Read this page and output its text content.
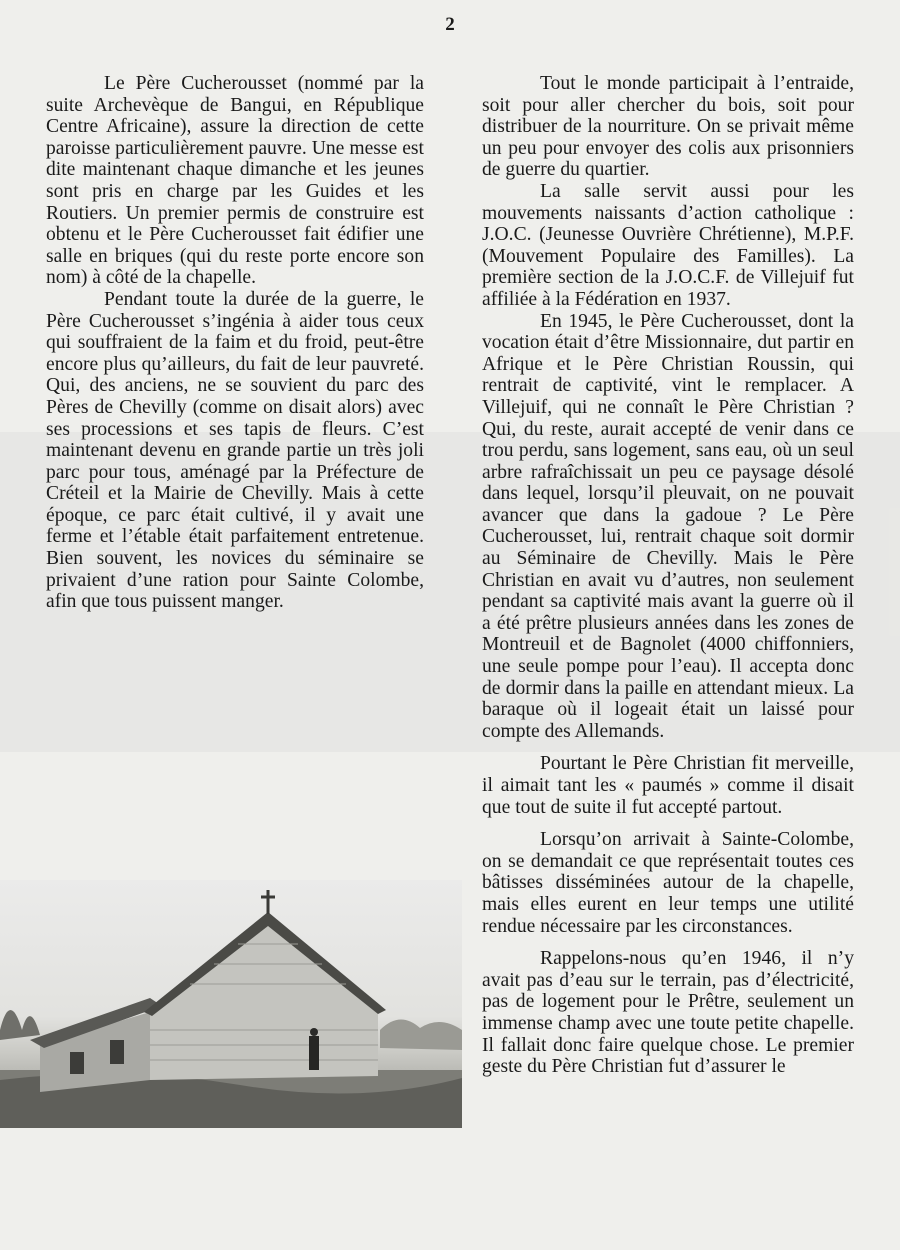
2

Le Père Cucherousset (nommé par la suite Archevèque de Bangui, en République Centre Africaine), assure la direction de cette paroisse particulièrement pauvre. Une messe est dite maintenant chaque dimanche et les jeunes sont pris en charge par les Guides et les Routiers. Un premier permis de construire est obtenu et le Père Cucherousset fait édifier une salle en briques (qui du reste porte encore son nom) à côté de la chapelle.

Pendant toute la durée de la guerre, le Père Cucherousset s’ingénia à aider tous ceux qui souffraient de la faim et du froid, peut-être encore plus qu’ailleurs, du fait de leur pauvreté. Qui, des anciens, ne se souvient du parc des Pères de Chevilly (comme on disait alors) avec ses processions et ses tapis de fleurs. C’est maintenant devenu en grande partie un très joli parc pour tous, aménagé par la Préfecture de Créteil et la Mairie de Chevilly. Mais à cette époque, ce parc était cultivé, il y avait une ferme et l’étable était parfaitement entretenue. Bien souvent, les novices du séminaire se privaient d’une ration pour Sainte Colombe, afin que tous puissent manger.

Tout le monde participait à l’entraide, soit pour aller chercher du bois, soit pour distribuer de la nourriture. On se privait même un peu pour envoyer des colis aux prisonniers de guerre du quartier.

La salle servit aussi pour les mouvements naissants d’action catholique : J.O.C. (Jeunesse Ouvrière Chrétienne), M.P.F. (Mouvement Populaire des Familles). La première section de la J.O.C.F. de Villejuif fut affiliée à la Fédération en 1937.

En 1945, le Père Cucherousset, dont la vocation était d’être Missionnaire, dut partir en Afrique et le Père Christian Roussin, qui rentrait de captivité, vint le remplacer. A Villejuif, qui ne connaît le Père Christian ? Qui, du reste, aurait accepté de venir dans ce trou perdu, sans logement, sans eau, où un seul arbre rafraîchissait un peu ce paysage désolé dans lequel, lorsqu’il pleuvait, on ne pouvait avancer que dans la gadoue ? Le Père Cucherousset, lui, rentrait chaque soit dormir au Séminaire de Chevilly. Mais le Père Christian en avait vu d’autres, non seulement pendant sa captivité mais avant la guerre où il a été prêtre plusieurs années dans les zones de Montreuil et de Bagnolet (4000 chiffonniers, une seule pompe pour l’eau). Il accepta donc de dormir dans la paille en attendant mieux. La baraque où il logeait était un laissé pour compte des Allemands.

Pourtant le Père Christian fit merveille, il aimait tant les « paumés » comme il disait que tout de suite il fut accepté partout.

Lorsqu’on arrivait à Sainte-Colombe, on se demandait ce que représentait toutes ces bâtisses disséminées autour de la chapelle, mais elles eurent en leur temps une utilité rendue nécessaire par les circonstances.

Rappelons-nous qu’en 1946, il n’y avait pas d’eau sur le terrain, pas d’électricité, pas de logement pour le Prêtre, seulement un immense champ avec une toute petite chapelle. Il fallait donc faire quelque chose. Le premier geste du Père Christian fut d’assurer le
